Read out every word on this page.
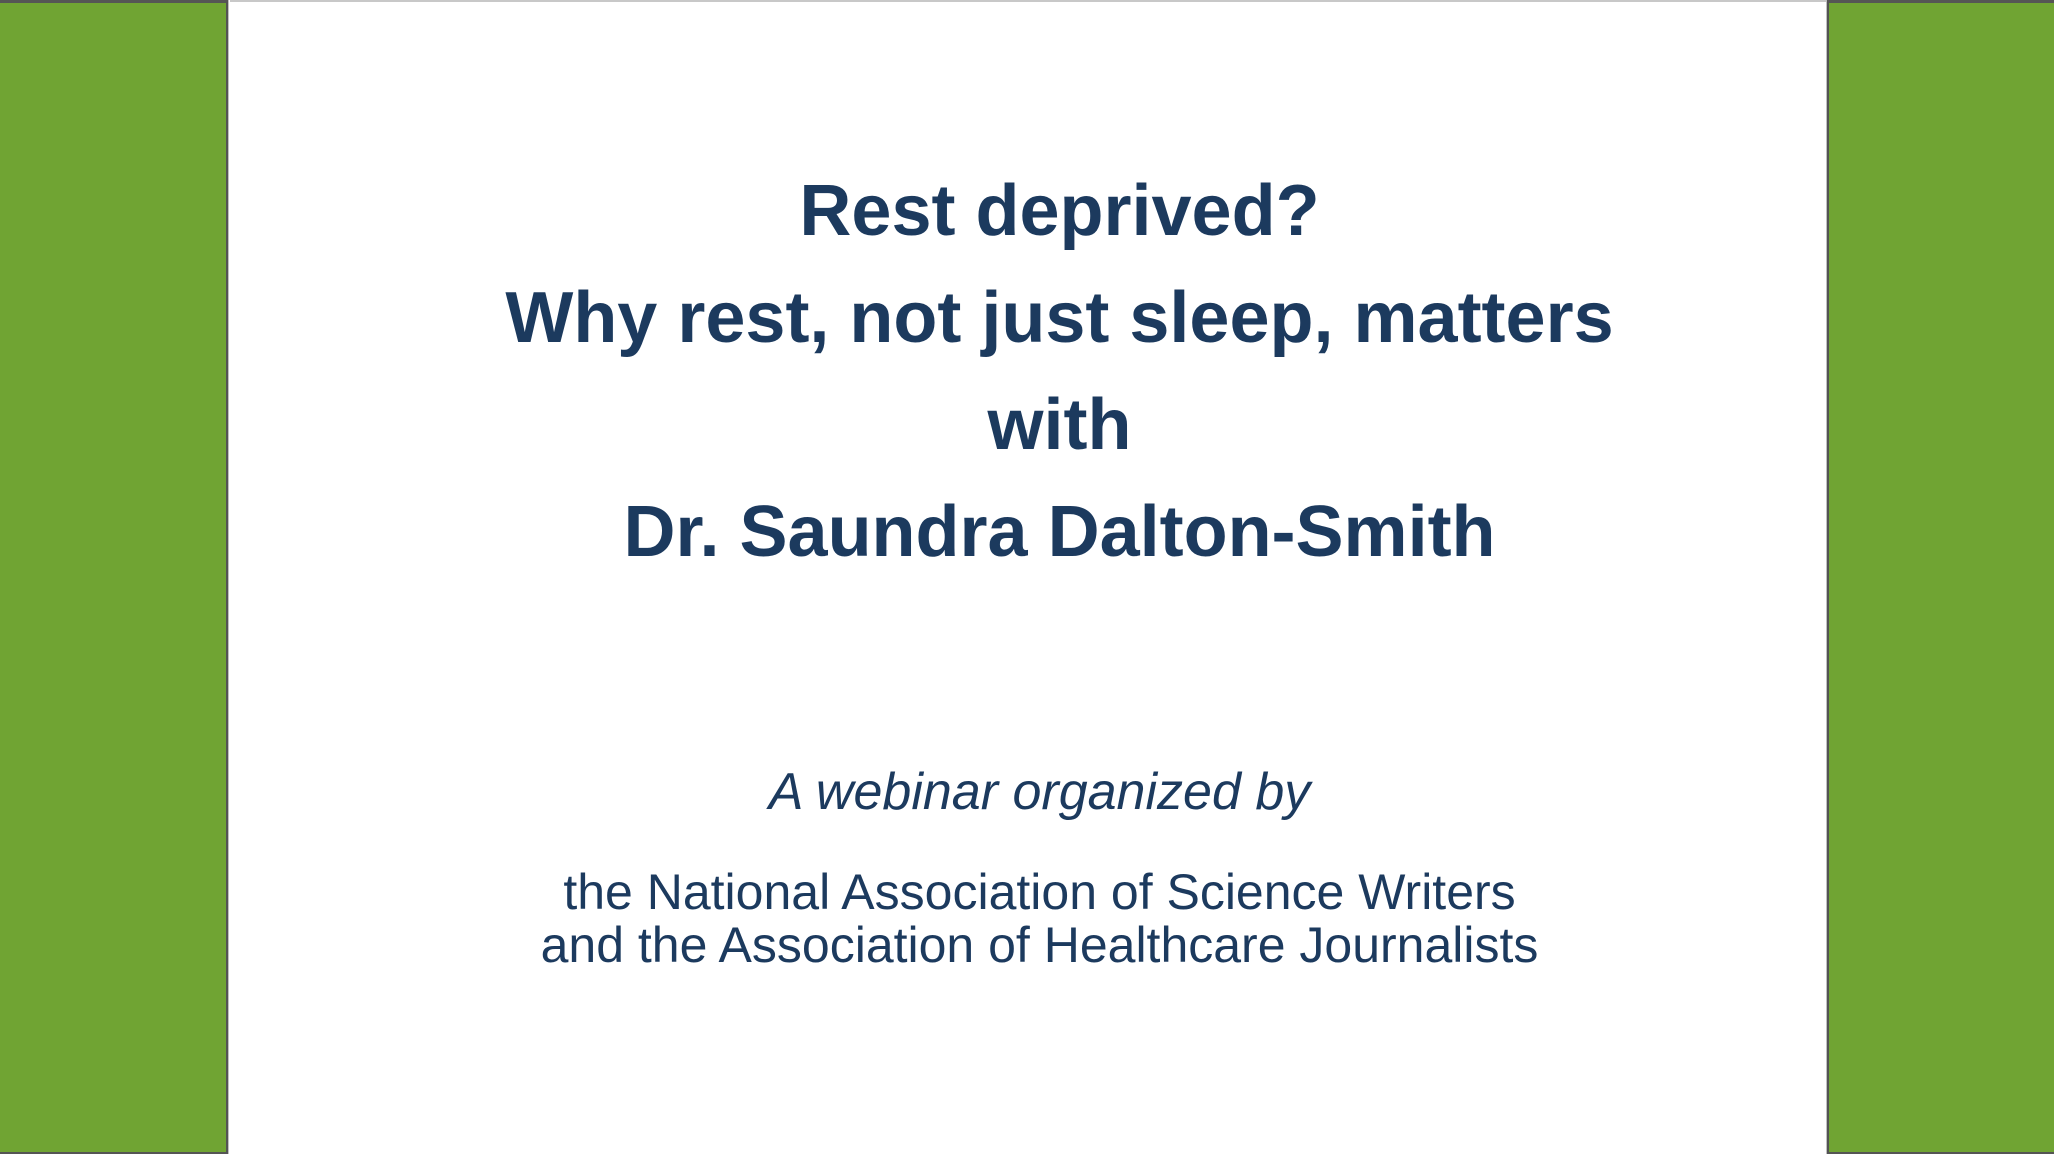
Rest deprived?
Why rest, not just sleep, matters
with
Dr. Saundra Dalton-Smith
A webinar organized by
the National Association of Science Writers
and the Association of Healthcare Journalists
